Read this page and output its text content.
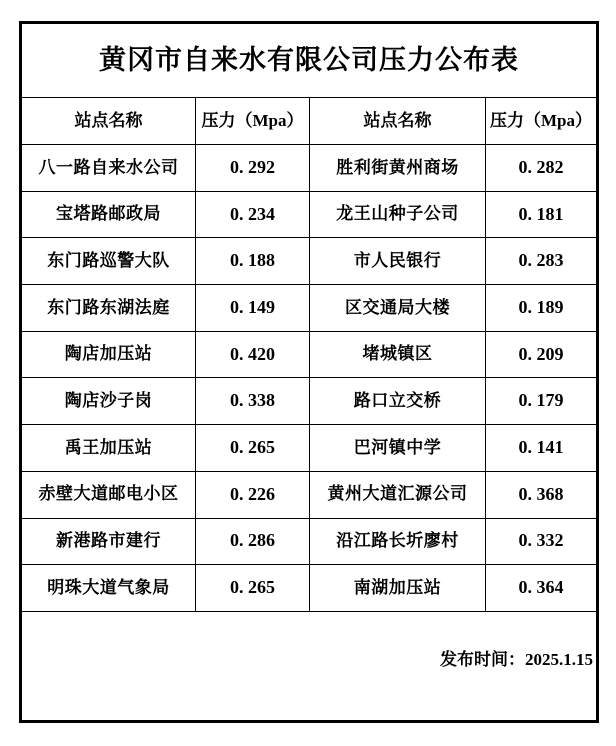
黄冈市自来水有限公司压力公布表
站点名称	压力（Mpa）	站点名称	压力（Mpa）
八一路自来水公司	0. 292	胜利街黄州商场	0. 282
宝塔路邮政局	0. 234	龙王山种子公司	0. 181
东门路巡警大队	0. 188	市人民银行	0. 283
东门路东湖法庭	0. 149	区交通局大楼	0. 189
陶店加压站	0. 420	堵城镇区	0. 209
陶店沙子岗	0. 338	路口立交桥	0. 179
禹王加压站	0. 265	巴河镇中学	0. 141
赤壁大道邮电小区	0. 226	黄州大道汇源公司	0. 368
新港路市建行	0. 286	沿江路长圻廖村	0. 332
明珠大道气象局	0. 265	南湖加压站	0. 364
发布时间：2025.1.15
